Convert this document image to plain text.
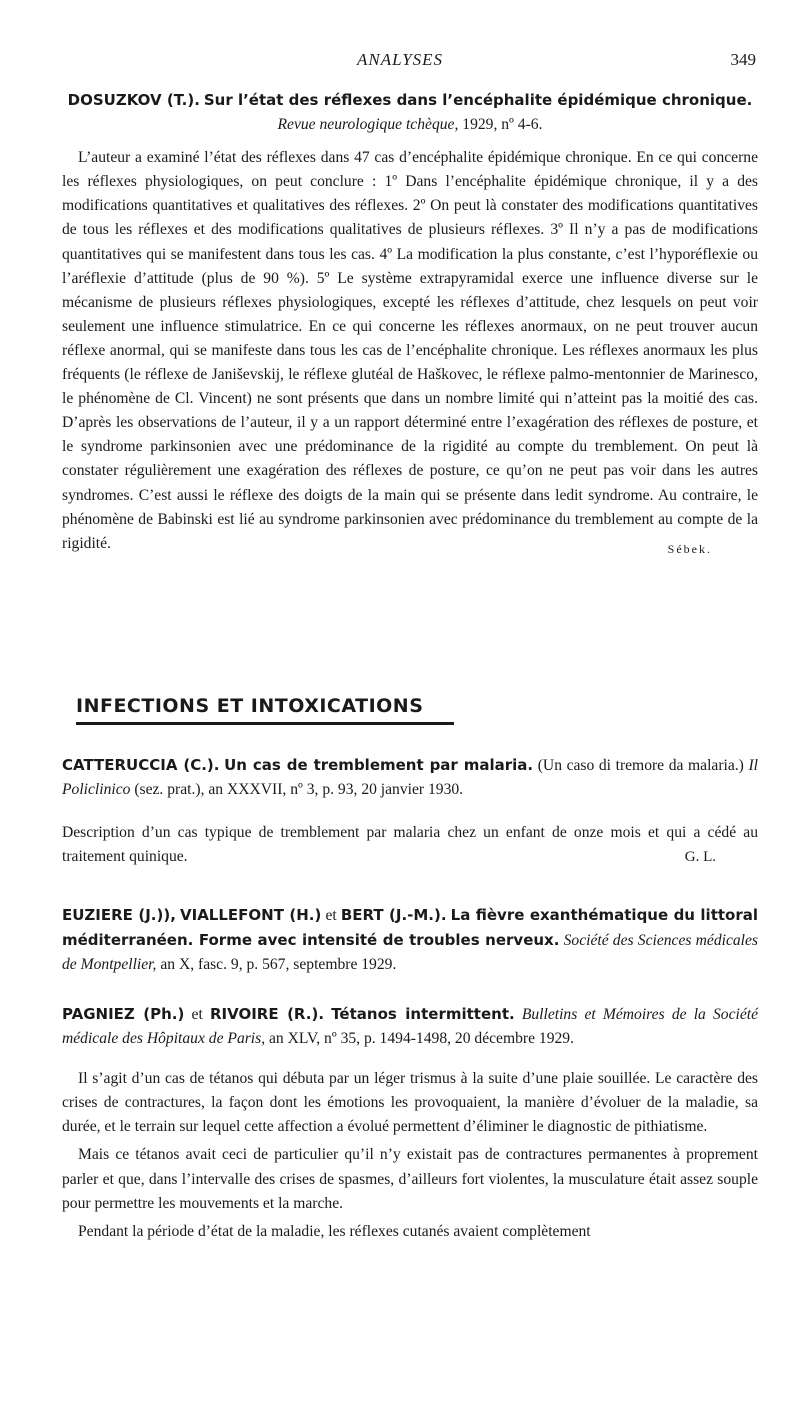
ANALYSES	349

DOSUZKOV (T.). Sur l’état des réflexes dans l’encéphalite épidémique chronique. Revue neurologique tchèque, 1929, nº 4-6.

L’auteur a examiné l’état des réflexes dans 47 cas d’encéphalite épidémique chronique. En ce qui concerne les réflexes physiologiques, on peut conclure : 1º Dans l’encéphalite épidémique chronique, il y a des modifications quantitatives et qualitatives des réflexes. 2º On peut là constater des modifications quantitatives de tous les réflexes et des modifications qualitatives de plusieurs réflexes. 3º Il n’y a pas de modifications quantitatives qui se manifestent dans tous les cas. 4º La modification la plus constante, c’est l’hyporéflexie ou l’aréflexie d’attitude (plus de 90 %). 5º Le système extrapyramidal exerce une influence diverse sur le mécanisme de plusieurs réflexes physiologiques, excepté les réflexes d’attitude, chez lesquels on peut voir seulement une influence stimulatrice. En ce qui concerne les réflexes anormaux, on ne peut trouver aucun réflexe anormal, qui se manifeste dans tous les cas de l’encéphalite chronique. Les réflexes anormaux les plus fréquents (le réflexe de Janiševskij, le réflexe glutéal de Haškovec, le réflexe palmo-mentonnier de Marinesco, le phénomène de Cl. Vincent) ne sont présents que dans un nombre limité qui n’atteint pas la moitié des cas. D’après les observations de l’auteur, il y a un rapport déterminé entre l’exagération des réflexes de posture, et le syndrome parkinsonien avec une prédominance de la rigidité au compte du tremblement. On peut là constater régulièrement une exagération des réflexes de posture, ce qu’on ne peut pas voir dans les autres syndromes. C’est aussi le réflexe des doigts de la main qui se présente dans ledit syndrome. Au contraire, le phénomène de Babinski est lié au syndrome parkinsonien avec prédominance du tremblement au compte de la rigidité.	Sébek.

INFECTIONS ET INTOXICATIONS

CATTERUCCIA (C.). Un cas de tremblement par malaria. (Un caso di tremore da malaria.) Il Policlinico (sez. prat.), an XXXVII, nº 3, p. 93, 20 janvier 1930.

Description d’un cas typique de tremblement par malaria chez un enfant de onze mois et qui a cédé au traitement quinique.	G. L.

EUZIERE (J.)), VIALLEFONT (H.) et BERT (J.-M.). La fièvre exanthématique du littoral méditerranéen. Forme avec intensité de troubles nerveux. Société des Sciences médicales de Montpellier, an X, fasc. 9, p. 567, septembre 1929.

PAGNIEZ (Ph.) et RIVOIRE (R.). Tétanos intermittent. Bulletins et Mémoires de la Société médicale des Hôpitaux de Paris, an XLV, nº 35, p. 1494-1498, 20 décembre 1929.

Il s’agit d’un cas de tétanos qui débuta par un léger trismus à la suite d’une plaie souillée. Le caractère des crises de contractures, la façon dont les émotions les provoquaient, la manière d’évoluer de la maladie, sa durée, et le terrain sur lequel cette affection a évolué permettent d’éliminer le diagnostic de pithiatisme.

Mais ce tétanos avait ceci de particulier qu’il n’y existait pas de contractures permanentes à proprement parler et que, dans l’intervalle des crises de spasmes, d’ailleurs fort violentes, la musculature était assez souple pour permettre les mouvements et la marche.

Pendant la période d’état de la maladie, les réflexes cutanés avaient complètement
